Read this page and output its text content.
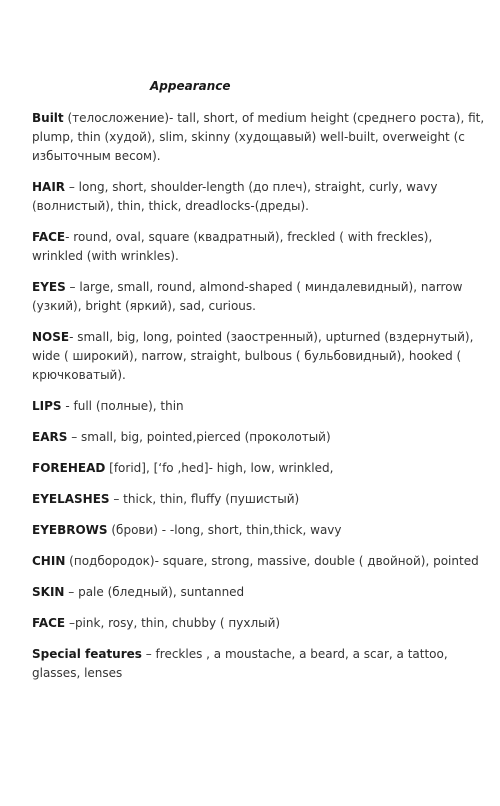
Appearance

Built (телосложение)- tall, short, of medium height (среднего роста), fit, plump, thin (худой), slim, skinny (худощавый) well-built, overweight (с избыточным весом).

HAIR – long, short, shoulder-length (до плеч), straight, curly, wavy (волнистый), thin, thick, dreadlocks-(дреды).

FACE- round, oval, square (квадратный), freckled ( with freckles), wrinkled (with wrinkles).

EYES – large, small, round, almond-shaped ( миндалевидный), narrow (узкий), bright (яркий), sad, curious.

NOSE- small, big, long, pointed (заостренный), upturned (вздернутый), wide ( широкий), narrow, straight, bulbous ( бульбовидный), hooked ( крючковатый).

LIPS - full (полные), thin

EARS – small, big, pointed,pierced (проколотый)

FOREHEAD [forid], [‘fo ,hed]- high, low, wrinkled,

EYELASHES – thick, thin, fluffy (пушистый)

EYEBROWS (брови) - -long, short, thin,thick, wavy

CHIN (подбородок)- square, strong, massive, double ( двойной), pointed

SKIN – pale (бледный), suntanned

FACE –pink, rosy, thin, chubby ( пухлый)

Special features – freckles , a moustache, a beard, a scar, a tattoo, glasses, lenses
